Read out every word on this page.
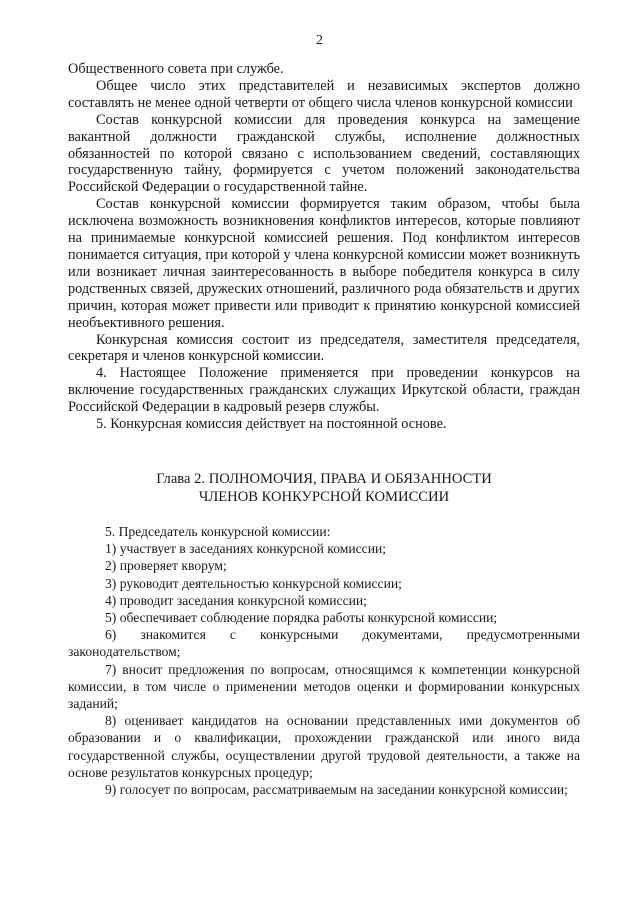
2

Общественного совета при службе.

Общее число этих представителей и независимых экспертов должно составлять не менее одной четверти от общего числа членов конкурсной комиссии

Состав конкурсной комиссии для проведения конкурса на замещение вакантной должности гражданской службы, исполнение должностных обязанностей по которой связано с использованием сведений, составляющих государственную тайну, формируется с учетом положений законодательства Российской Федерации о государственной тайне.

Состав конкурсной комиссии формируется таким образом, чтобы была исключена возможность возникновения конфликтов интересов, которые повлияют на принимаемые конкурсной комиссией решения. Под конфликтом интересов понимается ситуация, при которой у члена конкурсной комиссии может возникнуть или возникает личная заинтересованность в выборе победителя конкурса в силу родственных связей, дружеских отношений, различного рода обязательств и других причин, которая может привести или приводит к принятию конкурсной комиссией необъективного решения.

Конкурсная комиссия состоит из председателя, заместителя председателя, секретаря и членов конкурсной комиссии.

4. Настоящее Положение применяется при проведении конкурсов на включение государственных гражданских служащих Иркутской области, граждан Российской Федерации в кадровый резерв службы.

5. Конкурсная комиссия действует на постоянной основе.

Глава 2. ПОЛНОМОЧИЯ, ПРАВА И ОБЯЗАННОСТИ
ЧЛЕНОВ КОНКУРСНОЙ КОМИССИИ

5. Председатель конкурсной комиссии:

1) участвует в заседаниях конкурсной комиссии;

2) проверяет кворум;

3) руководит деятельностью конкурсной комиссии;

4) проводит заседания конкурсной комиссии;

5) обеспечивает соблюдение порядка работы конкурсной комиссии;

6) знакомится с конкурсными документами, предусмотренными законодательством;

7) вносит предложения по вопросам, относящимся к компетенции конкурсной комиссии, в том числе о применении методов оценки и формировании конкурсных заданий;

8) оценивает кандидатов на основании представленных ими документов об образовании и о квалификации, прохождении гражданской или иного вида государственной службы, осуществлении другой трудовой деятельности, а также на основе результатов конкурсных процедур;

9) голосует по вопросам, рассматриваемым на заседании конкурсной комиссии;
